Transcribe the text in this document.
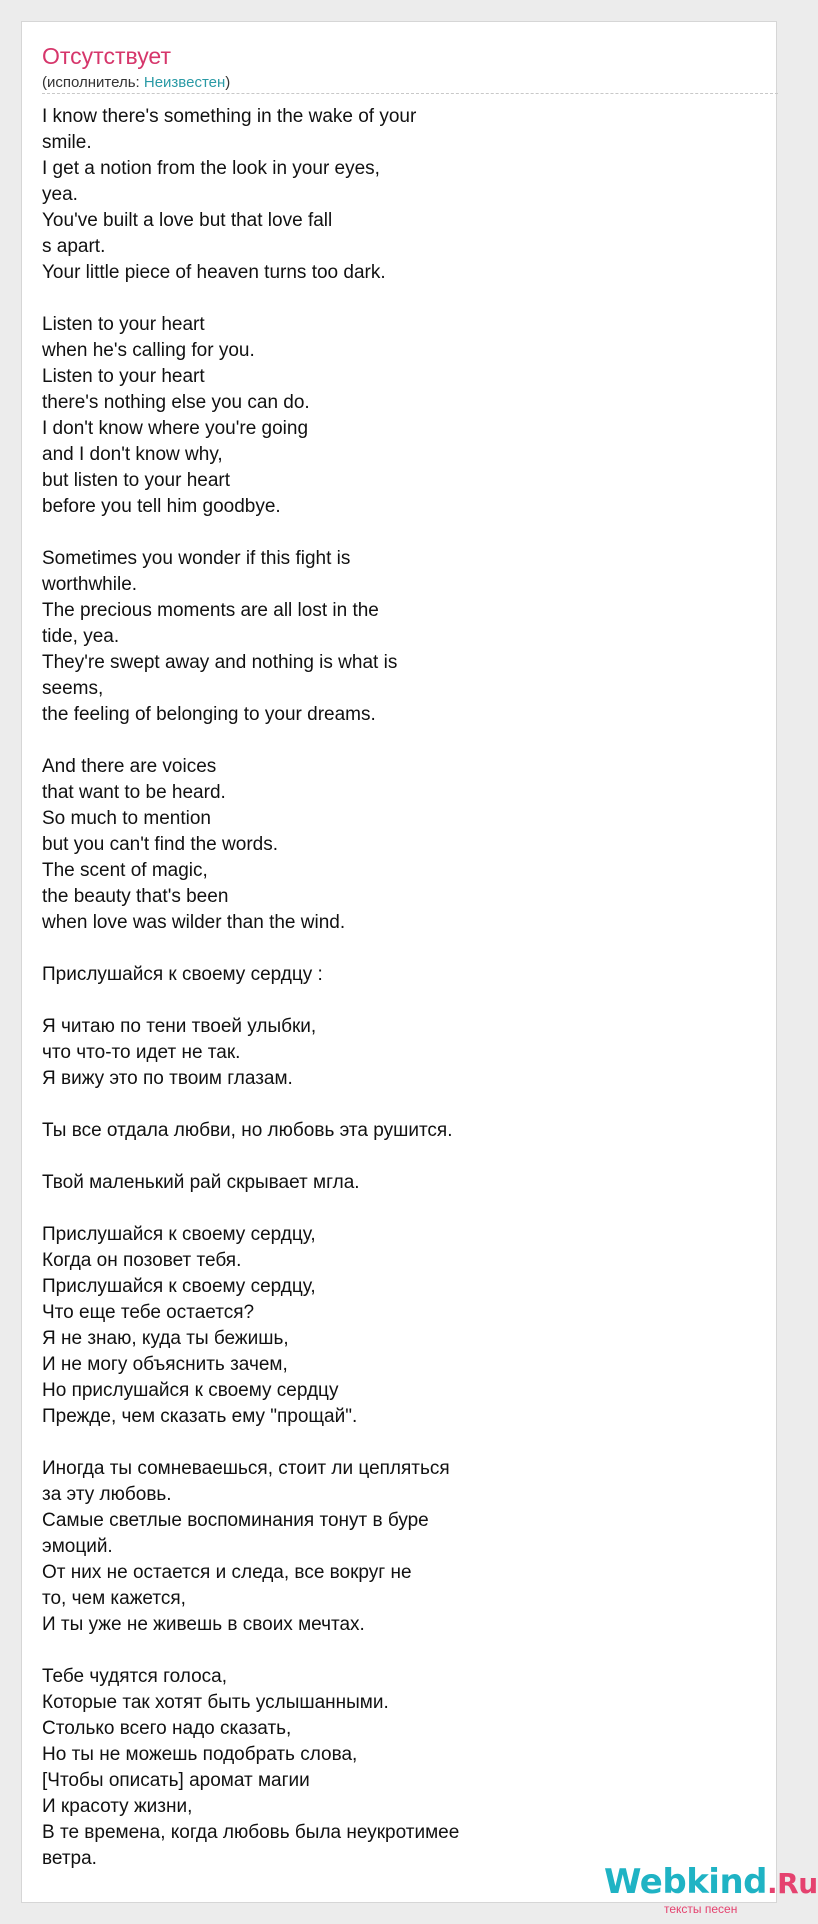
Отсутствует
(исполнитель: Неизвестен)
I know there's something in the wake of your
smile.
I get a notion from the look in your eyes,
yea.
You've built a love but that love fall
s apart.
Your little piece of heaven turns too dark.
Listen to your heart
when he's calling for you.
Listen to your heart
there's nothing else you can do.
I don't know where you're going
and I don't know why,
but listen to your heart
before you tell him goodbye.
Sometimes you wonder if this fight is
worthwhile.
The precious moments are all lost in the
tide, yea.
They're swept away and nothing is what is
seems,
the feeling of belonging to your dreams.
And there are voices
that want to be heard.
So much to mention
but you can't find the words.
The scent of magic,
the beauty that's been
when love was wilder than the wind.
Прислушайся к своему сердцу :
Я читаю по тени твоей улыбки,
что что-то идет не так.
Я вижу это по твоим глазам.
Ты все отдала любви, но любовь эта рушится.
Твой маленький рай скрывает мгла.
Прислушайся к своему сердцу,
Когда он позовет тебя.
Прислушайся к своему сердцу,
Что еще тебе остается?
Я не знаю, куда ты бежишь,
И не могу объяснить зачем,
Но прислушайся к своему сердцу
Прежде, чем сказать ему "прощай".
Иногда ты сомневаешься, стоит ли цепляться
за эту любовь.
Самые светлые воспоминания тонут в буре
эмоций.
От них не остается и следа, все вокруг не
то, чем кажется,
И ты уже не живешь в своих мечтах.
Тебе чудятся голоса,
Которые так хотят быть услышанными.
Столько всего надо сказать,
Но ты не можешь подобрать слова,
[Чтобы описать] аромат магии
И красоту жизни,
В те времена, когда любовь была неукротимее
ветра.
Webkind.Ru
тексты песен
